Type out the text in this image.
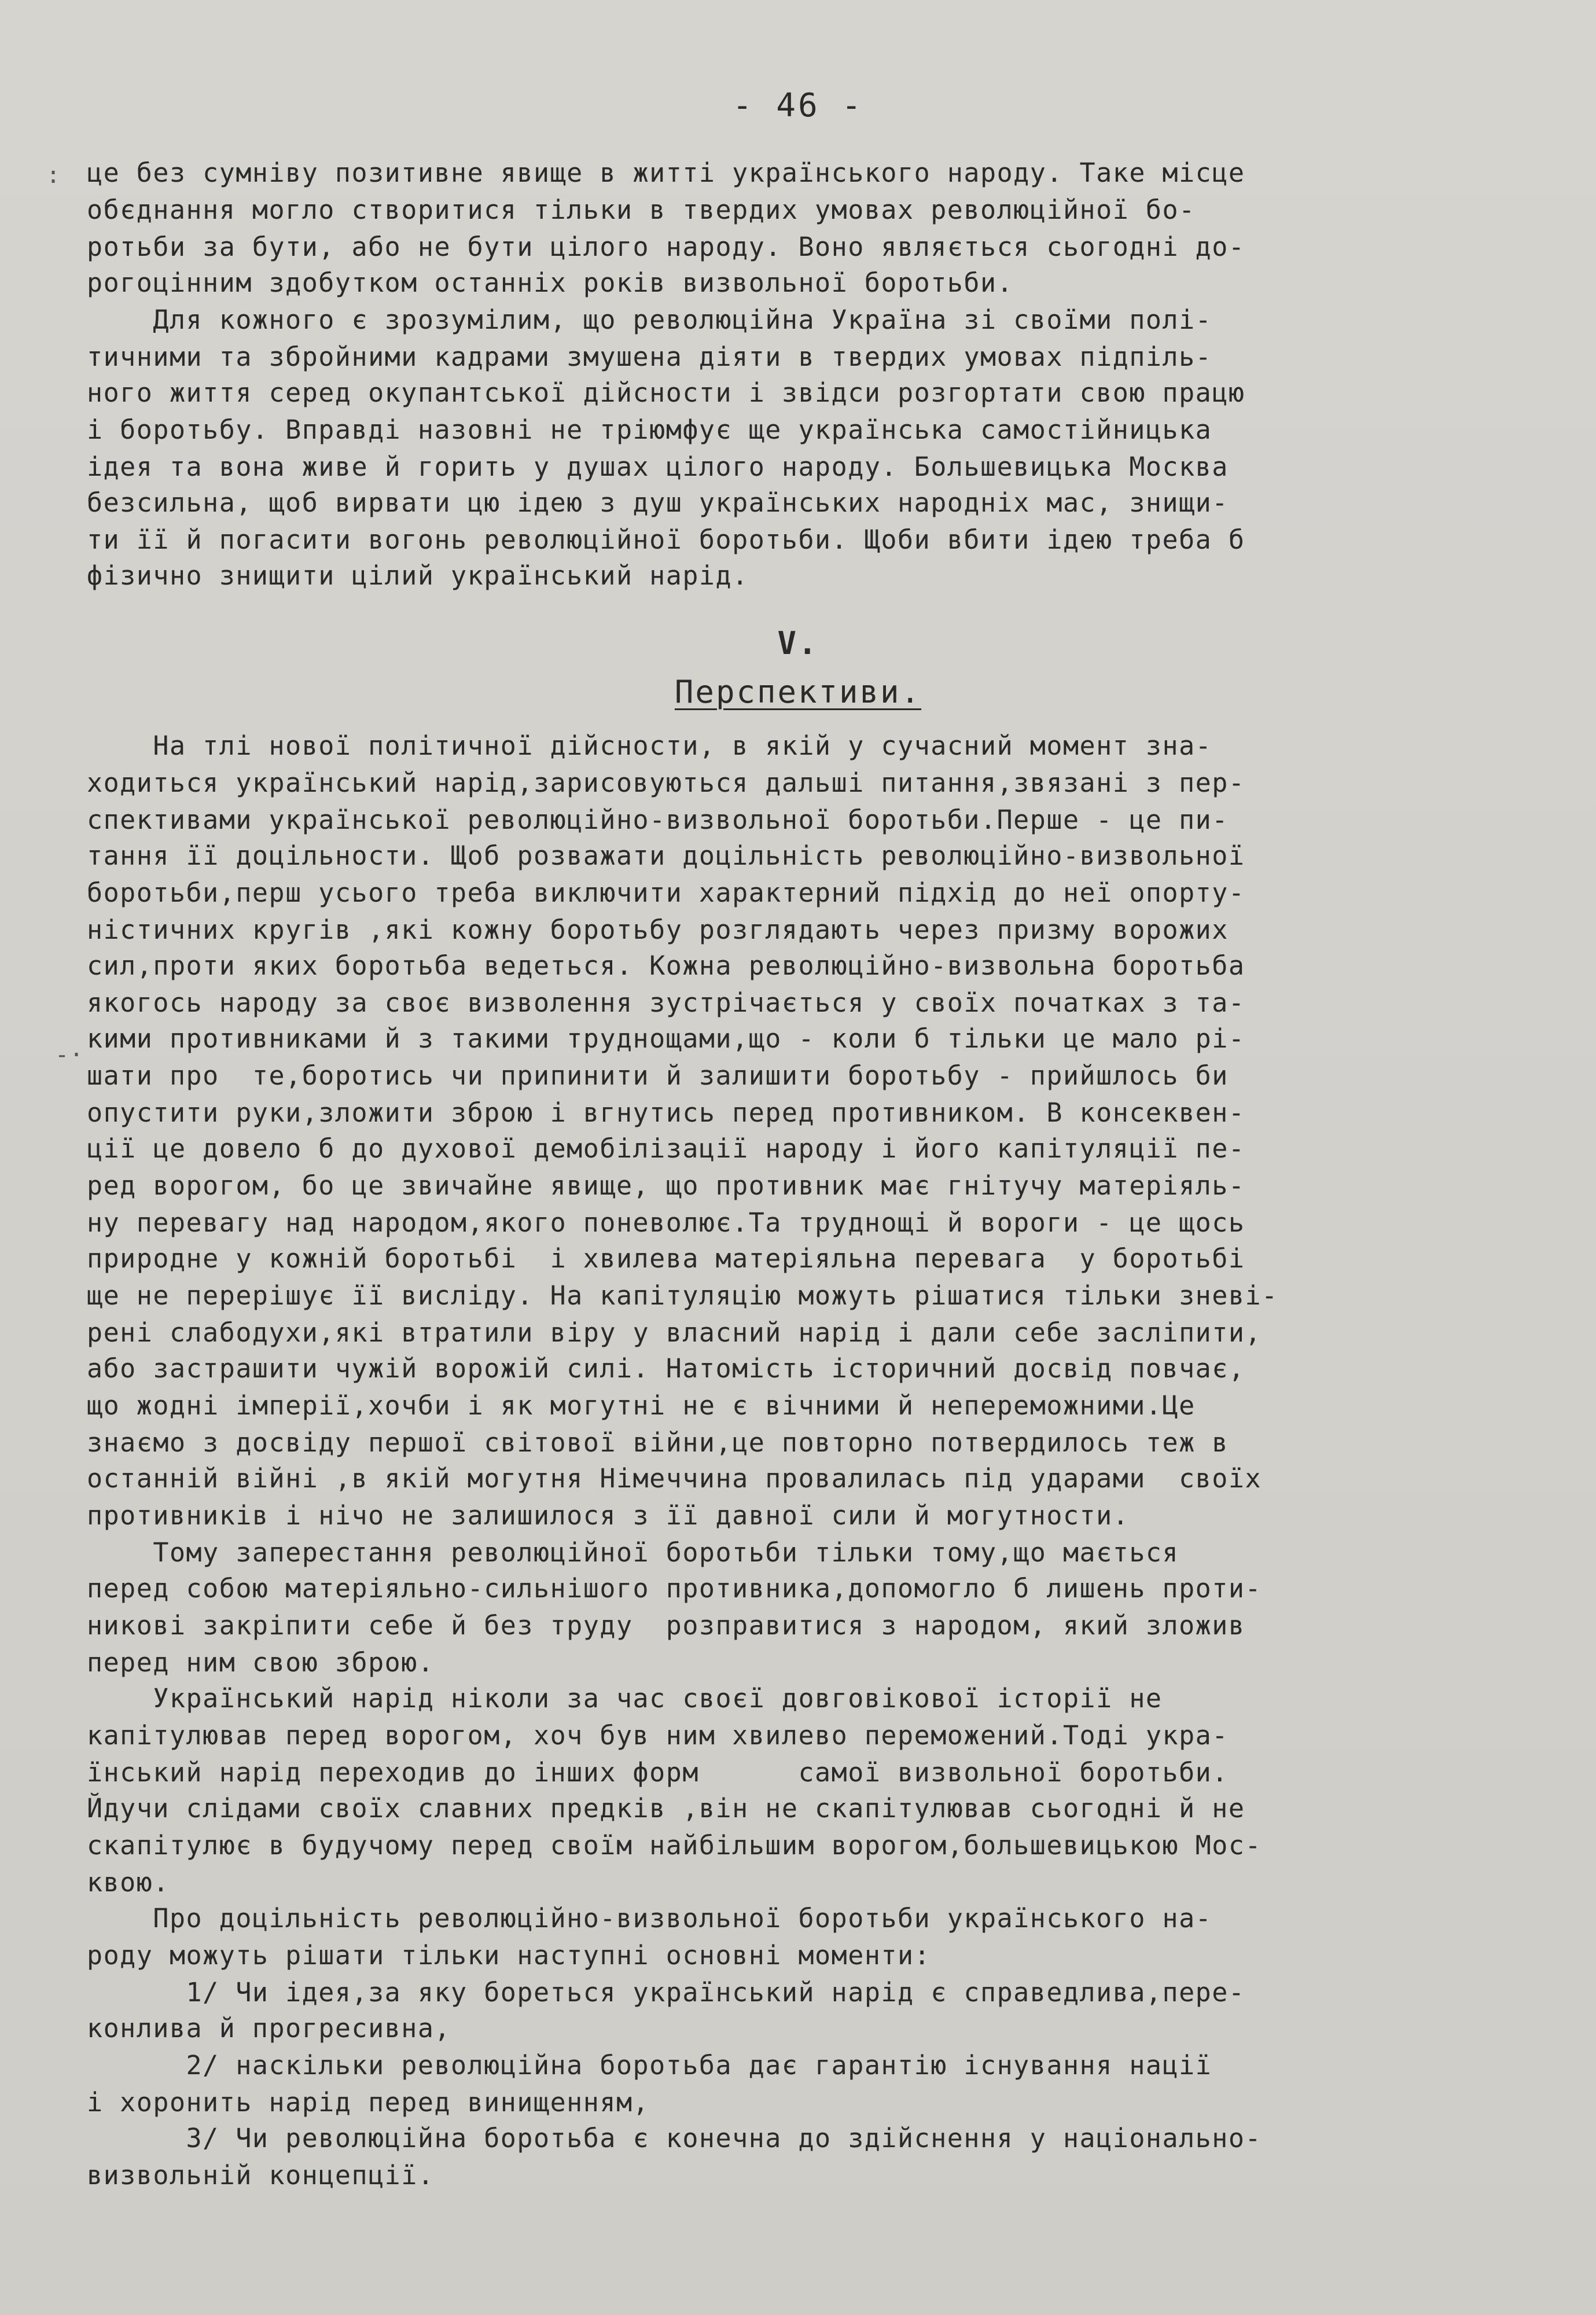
- 46 -
:
- ·
це без сумніву позитивне явище в житті українського народу. Таке місце
обєднання могло створитися тільки в твердих умовах революційної бо-
ротьби за бути, або не бути цілого народу. Воно являється сьогодні до-
рогоцінним здобутком останніх років визвольної боротьби.
Для кожного є зрозумілим, що революційна Україна зі своїми полі-
тичними та збройними кадрами змушена діяти в твердих умовах підпіль-
ного життя серед окупантської дійсности і звідси розгортати свою працю
і боротьбу. Вправді назовні не тріюмфує ще українська самостійницька
ідея та вона живе й горить у душах цілого народу. Большевицька Москва
безсильна, щоб вирвати цю ідею з душ українських народніх мас, знищи-
ти її й погасити вогонь революційної боротьби. Щоби вбити ідею треба б
фізично знищити цілий український нарід.
V.
Перспективи.
На тлі нової політичної дійсности, в якій у сучасний момент зна-
ходиться український нарід,зарисовуються дальші питання,звязані з пер-
спективами української революційно-визвольної боротьби.Перше - це пи-
тання її доцільности. Щоб розважати доцільність революційно-визвольної
боротьби,перш усього треба виключити характерний підхід до неї опорту-
ністичних кругів ,які кожну боротьбу розглядають через призму ворожих
сил,проти яких боротьба ведеться. Кожна революційно-визвольна боротьба
якогось народу за своє визволення зустрічається у своїх початках з та-
кими противниками й з такими труднощами,що - коли б тільки це мало рі-
шати про  те,боротись чи припинити й залишити боротьбу - прийшлось би
опустити руки,зложити зброю і вгнутись перед противником. В консеквен-
ції це довело б до духової демобілізації народу і його капітуляції пе-
ред ворогом, бо це звичайне явище, що противник має гнітучу матеріяль-
ну перевагу над народом,якого поневолює.Та труднощі й вороги - це щось
природне у кожній боротьбі  і хвилева матеріяльна перевага  у боротьбі
ще не перерішує її висліду. На капітуляцію можуть рішатися тільки зневі-
рені слабодухи,які втратили віру у власний нарід і дали себе засліпити,
або застрашити чужій ворожій силі. Натомість історичний досвід повчає,
що жодні імперії,хочби і як могутні не є вічними й непереможними.Це
знаємо з досвіду першої світової війни,це повторно потвердилось теж в
останній війні ,в якій могутня Німеччина провалилась під ударами  своїх
противників і нічо не залишилося з її давної сили й могутности.
Тому заперестання революційної боротьби тільки тому,що мається
перед собою матеріяльно-сильнішого противника,допомогло б лишень проти-
никові закріпити себе й без труду  розправитися з народом, який зложив
перед ним свою зброю.
Український нарід ніколи за час своєї довговікової історії не
капітулював перед ворогом, хоч був ним хвилево переможений.Тоді укра-
їнський нарід переходив до інших форм      самої визвольної боротьби.
Йдучи слідами своїх славних предків ,він не скапітулював сьогодні й не
скапітулює в будучому перед своїм найбільшим ворогом,большевицькою Мос-
квою.
Про доцільність революційно-визвольної боротьби українського на-
роду можуть рішати тільки наступні основні моменти:
1/ Чи ідея,за яку бореться український нарід є справедлива,пере-
конлива й прогресивна,
2/ наскільки революційна боротьба дає гарантію існування нації
і хоронить нарід перед винищенням,
3/ Чи революційна боротьба є конечна до здійснення у національно-
визвольній концепції.
